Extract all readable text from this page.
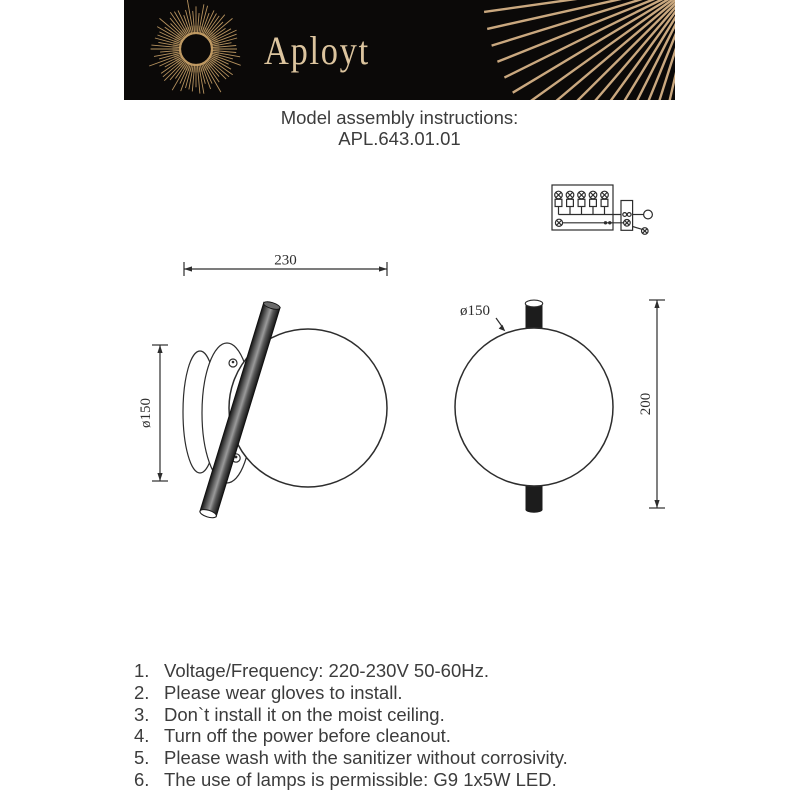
Aployt
Model assembly instructions:
APL.643.01.01
230
ø150
ø150
200
1. Voltage/Frequency: 220-230V 50-60Hz.
2. Please wear gloves to install.
3. Don`t install it on the moist ceiling.
4. Turn off the power before cleanout.
5. Please wash with the sanitizer without corrosivity.
6. The use of lamps is permissible: G9 1x5W LED.
